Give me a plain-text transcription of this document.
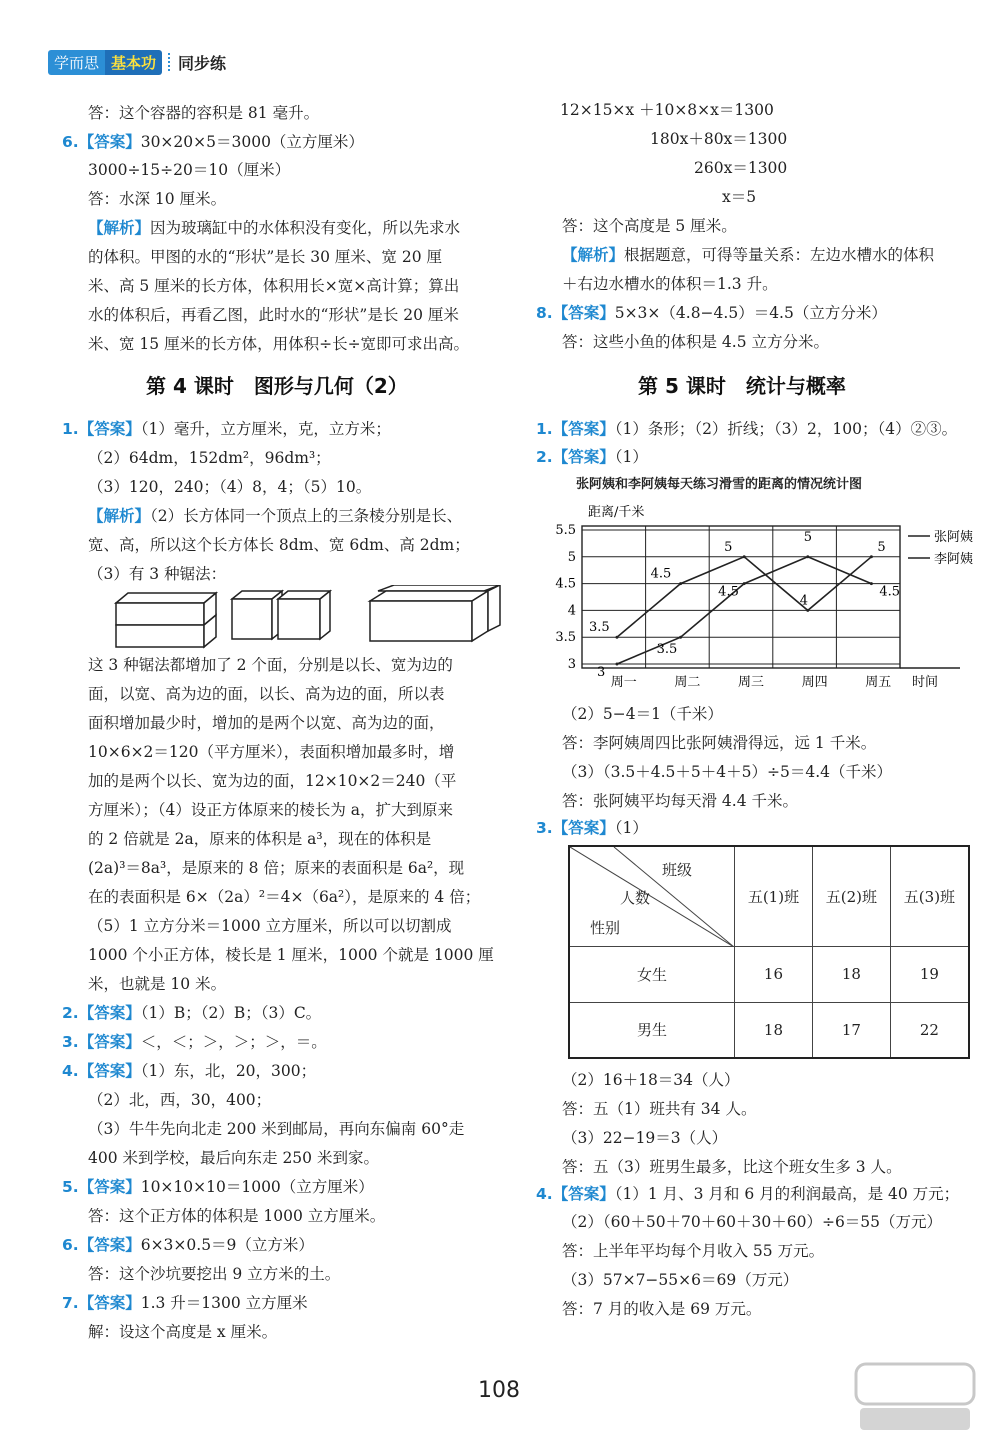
学而思 基本功	同步练
答：这个容器的容积是 81 毫升。
6.【答案】30×20×5＝3000（立方厘米）
3000÷15÷20＝10（厘米）
答：水深 10 厘米。
【解析】因为玻璃缸中的水体积没有变化，所以先求水
的体积。甲图的水的“形状”是长 30 厘米、宽 20 厘
米、高 5 厘米的长方体，体积用长×宽×高计算；算出
水的体积后，再看乙图，此时水的“形状”是长 20 厘米
米、宽 15 厘米的长方体，用体积÷长÷宽即可求出高。
第 4 课时　图形与几何（2）
1.【答案】（1）毫升，立方厘米，克，立方米；
（2）64dm，152dm²，96dm³；
（3）120，240；（4）8，4；（5）10。
【解析】（2）长方体同一个顶点上的三条棱分别是长、
宽、高，所以这个长方体长 8dm、宽 6dm、高 2dm；
（3）有 3 种锯法：
这 3 种锯法都增加了 2 个面，分别是以长、宽为边的
面，以宽、高为边的面，以长、高为边的面，所以表
面积增加最少时，增加的是两个以宽、高为边的面，
10×6×2＝120（平方厘米），表面积增加最多时，增
加的是两个以长、宽为边的面，12×10×2＝240（平
方厘米）；（4）设正方体原来的棱长为 a，扩大到原来
的 2 倍就是 2a，原来的体积是 a³，现在的体积是
(2a)³＝8a³，是原来的 8 倍；原来的表面积是 6a²，现
在的表面积是 6×（2a）²＝4×（6a²），是原来的 4 倍；
（5）1 立方分米＝1000 立方厘米，所以可以切割成
1000 个小正方体，棱长是 1 厘米，1000 个就是 1000 厘
米，也就是 10 米。
2.【答案】（1）B；（2）B；（3）C。
3.【答案】＜，＜；＞，＞；＞，＝。
4.【答案】（1）东，北，20，300；
（2）北，西，30，400；
（3）牛牛先向北走 200 米到邮局，再向东偏南 60°走
400 米到学校，最后向东走 250 米到家。
5.【答案】10×10×10＝1000（立方厘米）
答：这个正方体的体积是 1000 立方厘米。
6.【答案】6×3×0.5＝9（立方米）
答：这个沙坑要挖出 9 立方米的土。
7.【答案】1.3 升＝1300 立方厘米
解：设这个高度是 x 厘米。
12×15×x ＋10×8×x＝1300
180x＋80x＝1300
260x＝1300
x＝5
答：这个高度是 5 厘米。
【解析】根据题意，可得等量关系：左边水槽水的体积
＋右边水槽水的体积＝1.3 升。
8.【答案】5×3×（4.8−4.5）＝4.5（立方分米）
答：这些小鱼的体积是 4.5 立方分米。
第 5 课时　统计与概率
1.【答案】（1）条形；（2）折线；（3）2，100；（4）②③。
2.【答案】（1）
张阿姨和李阿姨每天练习滑雪的距离的情况统计图
3
3.5
4
4.5
5
5.5
周一	周二	周三	周四	周五
3.5
4.5
5
4
5
张阿姨
3
3.5
4.5
5
4.5
李阿姨
距离/千米
时间
（2）5−4＝1（千米）
答：李阿姨周四比张阿姨滑得远，远 1 千米。
（3）（3.5＋4.5＋5＋4＋5）÷5＝4.4（千米）
答：张阿姨平均每天滑 4.4 千米。
3.【答案】（1）
班级
人数
性别	五(1)班	五(2)班	五(3)班
女生	16	18	19
男生	18	17	22
（2）16＋18＝34（人）
答：五（1）班共有 34 人。
（3）22−19＝3（人）
答：五（3）班男生最多，比这个班女生多 3 人。
4.【答案】（1）1 月、3 月和 6 月的利润最高，是 40 万元；
（2）（60＋50＋70＋60＋30＋60）÷6＝55（万元）
答：上半年平均每个月收入 55 万元。
（3）57×7−55×6＝69（万元）
答：7 月的收入是 69 万元。
108
